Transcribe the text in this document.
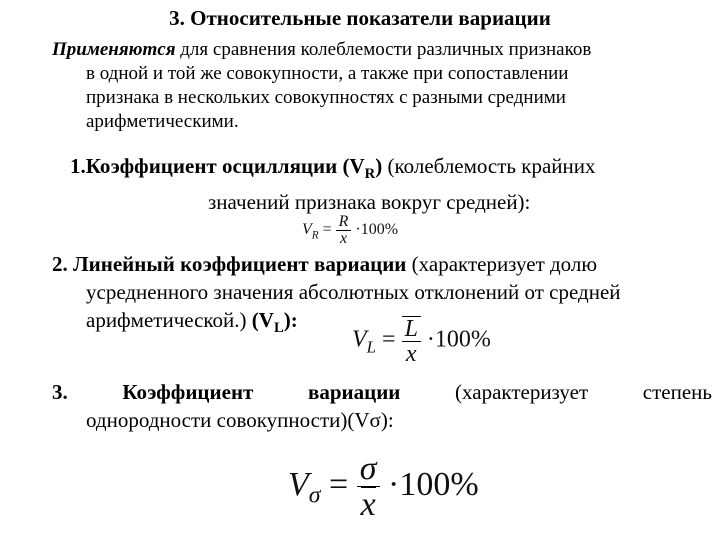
3. Относительные показатели вариации
Применяются для сравнения колеблемости различных признаков
в одной и той же совокупности, а также при сопоставлении
признака в нескольких совокупностях с разными средними
арифметическими.
1.Коэффициент осцилляции $(V_R)$ (колеблемость крайних
значений признака вокруг средней):
$V_R = \frac{R}{x} \cdot 100\%$
2. Линейный коэффициент вариации (характеризует долю
усредненного значения абсолютных отклонений от средней
арифметической.) $(V_L)$:
$V_L = \frac{L}{x} \cdot 100\%$
3.	Коэффициент	вариации	(характеризует	степень
однородности совокупности)(Vσ):
$V_\sigma = \frac{\sigma}{x} \cdot 100\%$
